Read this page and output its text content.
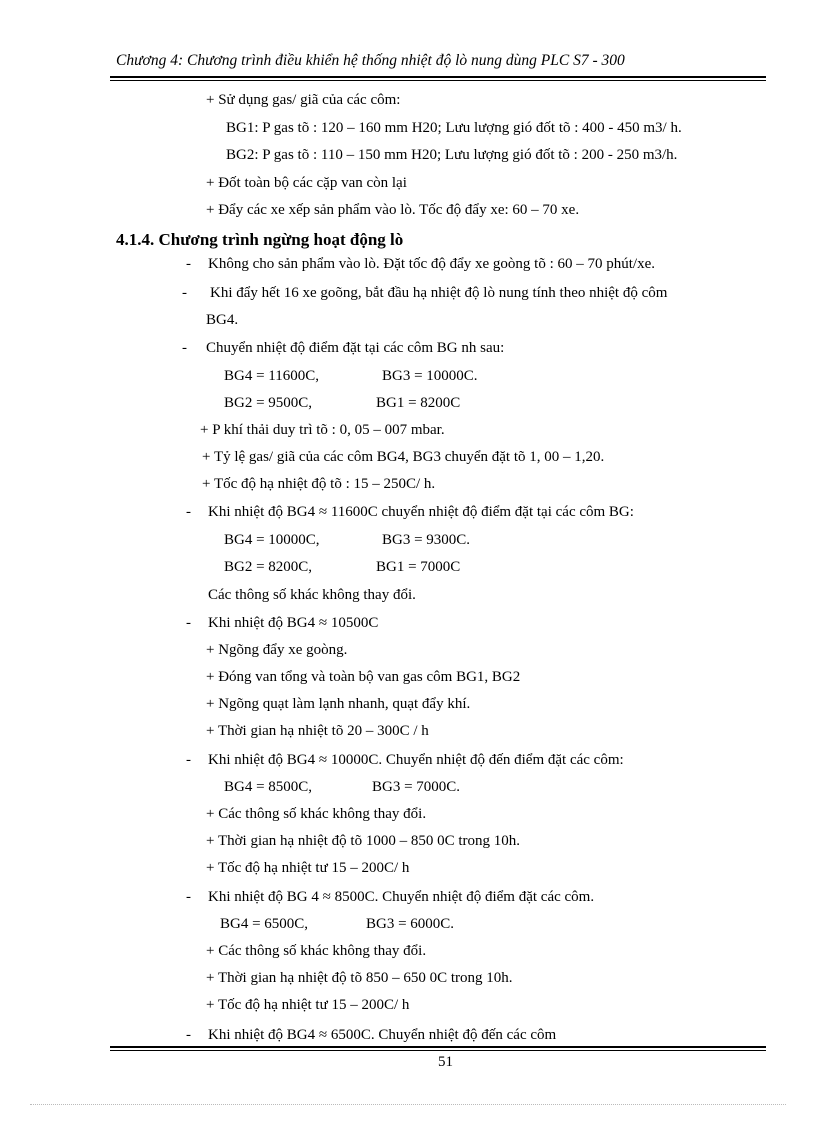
Chương 4: Chương trình điều khiển hệ thống nhiệt độ lò nung dùng PLC S7 - 300
+ Sử dụng gas/ giã của các côm:
BG1: P gas tõ : 120 – 160 mm H20; Lưu lượng gió đốt tõ : 400 - 450 m3/ h.
BG2: P gas tõ : 110 – 150 mm H20; Lưu lượng gió đốt tõ : 200 - 250 m3/h.
+ Đốt toàn bộ các cặp van còn lại
+ Đẩy các xe xếp sản phẩm vào lò. Tốc độ đẩy xe: 60 – 70 xe.
4.1.4. Chương trình ngừng hoạt động lò
- Không cho sản phẩm vào lò. Đặt tốc độ đẩy xe goòng tõ : 60 – 70 phút/xe.
- Khi đẩy hết 16 xe goõng, bắt đầu hạ nhiệt độ lò nung tính theo nhiệt độ côm
BG4.
- Chuyển nhiệt độ điểm đặt tại các côm BG nh sau:
BG4 = 11600C,	BG3 = 10000C.
BG2 = 9500C,	BG1 = 8200C
+ P khí thải duy trì tõ : 0, 05 – 007 mbar.
+ Tỷ lệ gas/ giã của các côm BG4, BG3 chuyển đặt tõ 1, 00 – 1,20.
+ Tốc độ hạ nhiệt độ tõ : 15 – 250C/ h.
- Khi nhiệt độ BG4 ≈ 11600C chuyển nhiệt độ điểm đặt tại các côm BG:
BG4 = 10000C,	BG3 = 9300C.
BG2 = 8200C,	BG1 = 7000C
Các thông số khác không thay đổi.
- Khi nhiệt độ BG4 ≈ 10500C
+ Ngõng đẩy xe goòng.
+ Đóng van tổng và toàn bộ van gas côm BG1, BG2
+ Ngõng quạt làm lạnh nhanh, quạt đẩy khí.
+ Thời gian hạ nhiệt tõ 20 – 300C / h
- Khi nhiệt độ BG4 ≈ 10000C. Chuyển nhiệt độ đến điểm đặt các côm:
BG4 = 8500C,	BG3 = 7000C.
+ Các thông số khác không thay đổi.
+ Thời gian hạ nhiệt độ tõ 1000 – 850 0C trong 10h.
+ Tốc độ hạ nhiệt tư 15 – 200C/ h
- Khi nhiệt độ BG 4 ≈ 8500C. Chuyển nhiệt độ điểm đặt các côm.
BG4 = 6500C,	BG3 = 6000C.
+ Các thông số khác không thay đổi.
+ Thời gian hạ nhiệt độ tõ 850 – 650 0C trong 10h.
+ Tốc độ hạ nhiệt tư 15 – 200C/ h
- Khi nhiệt độ BG4 ≈ 6500C. Chuyển nhiệt độ đến các côm
51
